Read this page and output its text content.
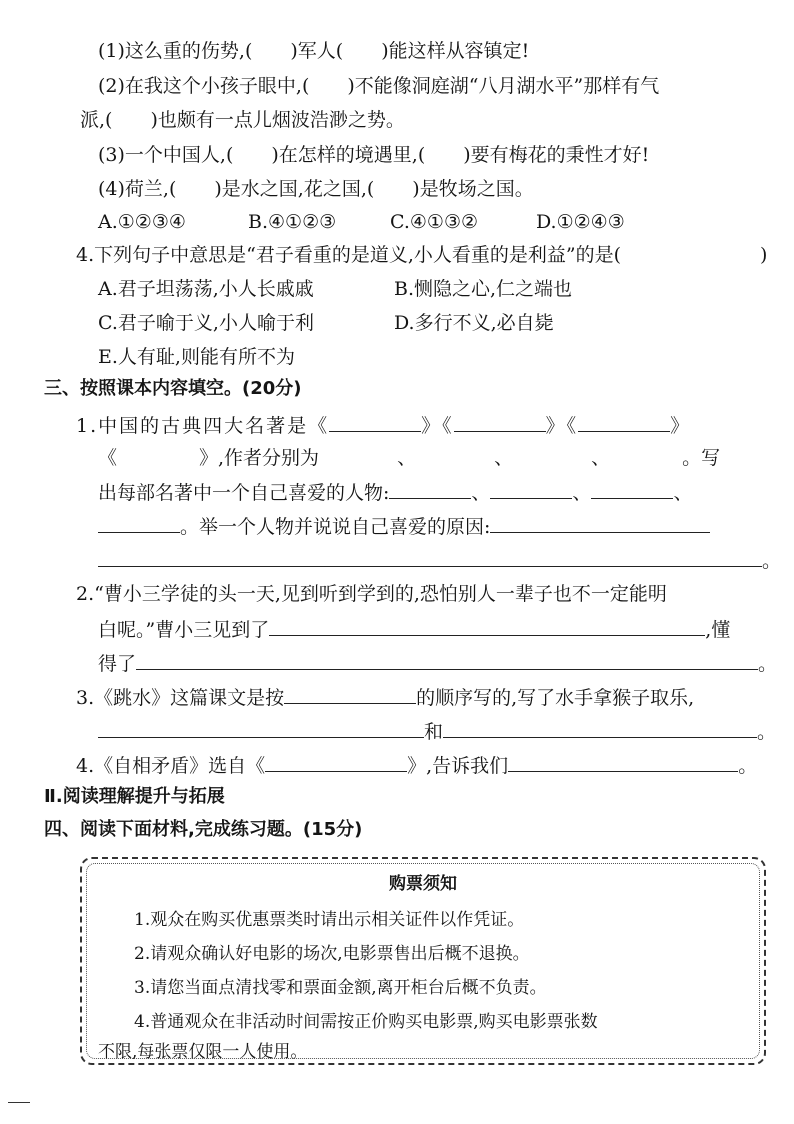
(1)这么重的伤势,( )军人( )能这样从容镇定!
(2)在我这个小孩子眼中,( )不能像洞庭湖“八月湖水平”那样有气
派,( )也颇有一点儿烟波浩渺之势。
(3)一个中国人,( )在怎样的境遇里,( )要有梅花的秉性才好!
(4)荷兰,( )是水之国,花之国,( )是牧场之国。
A.①②③④	B.④①②③	C.④①③②	D.①②④③
4.下列句子中意思是“君子看重的是道义,小人看重的是利益”的是(	)
A.君子坦荡荡,小人长戚戚	B.恻隐之心,仁之端也
C.君子喻于义,小人喻于利	D.多行不义,必自毙
E.人有耻,则能有所不为
三、按照课本内容填空。(20分)
1.中国的古典四大名著是《	》《	》《	》
《	》,作者分别为	、	、	、	。写
出每部名著中一个自己喜爱的人物:	、	、	、
。举一个人物并说说自己喜爱的原因:
。
2.“曹小三学徒的头一天,见到听到学到的,恐怕别人一辈子也不一定能明
白呢。”曹小三见到了	,懂
得了	。
3.《跳水》这篇课文是按	的顺序写的,写了水手拿猴子取乐,
和	。
4.《自相矛盾》选自《	》,告诉我们	。
Ⅱ.阅读理解提升与拓展
四、阅读下面材料,完成练习题。(15分)
购票须知
1.观众在购买优惠票类时请出示相关证件以作凭证。
2.请观众确认好电影的场次,电影票售出后概不退换。
3.请您当面点清找零和票面金额,离开柜台后概不负责。
4.普通观众在非活动时间需按正价购买电影票,购买电影票张数
不限,每张票仅限一人使用。
